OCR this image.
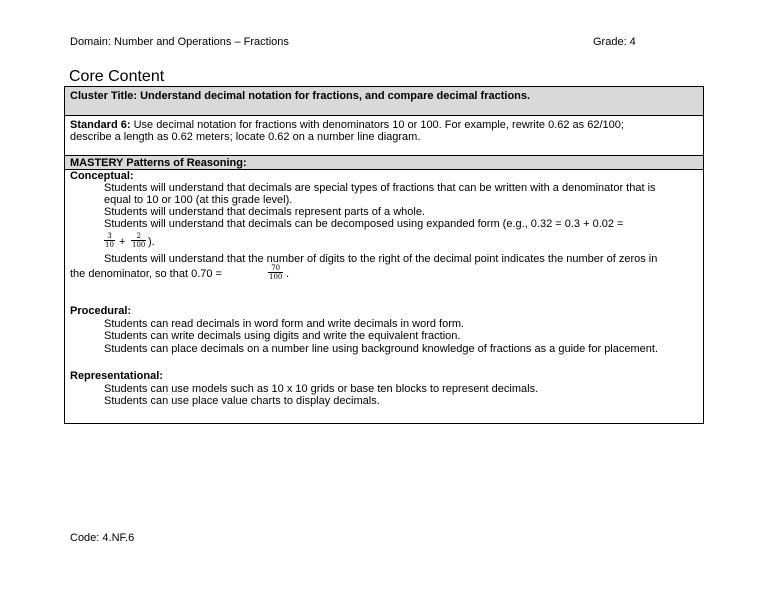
Domain: Number and Operations – Fractions	Grade: 4
Core Content
Cluster Title: Understand decimal notation for fractions, and compare decimal fractions.
Standard 6: Use decimal notation for fractions with denominators 10 or 100. For example, rewrite 0.62 as 62/100;
describe a length as 0.62 meters; locate 0.62 on a number line diagram.
MASTERY Patterns of Reasoning:
Conceptual:
Students will understand that decimals are special types of fractions that can be written with a denominator that is
equal to 10 or 100 (at this grade level).
Students will understand that decimals represent parts of a whole.
Students will understand that decimals can be decomposed using expanded form (e.g., 0.32 = 0.3 + 0.02 =
$\frac{3}{10} + \frac{2}{100}$ ).
Students will understand that the number of digits to the right of the decimal point indicates the number of zeros in
the denominator, so that 0.70 =	$\frac{70}{100}$ .
Procedural:
Students can read decimals in word form and write decimals in word form.
Students can write decimals using digits and write the equivalent fraction.
Students can place decimals on a number line using background knowledge of fractions as a guide for placement.
Representational:
Students can use models such as 10 x 10 grids or base ten blocks to represent decimals.
Students can use place value charts to display decimals.
Code: 4.NF.6
